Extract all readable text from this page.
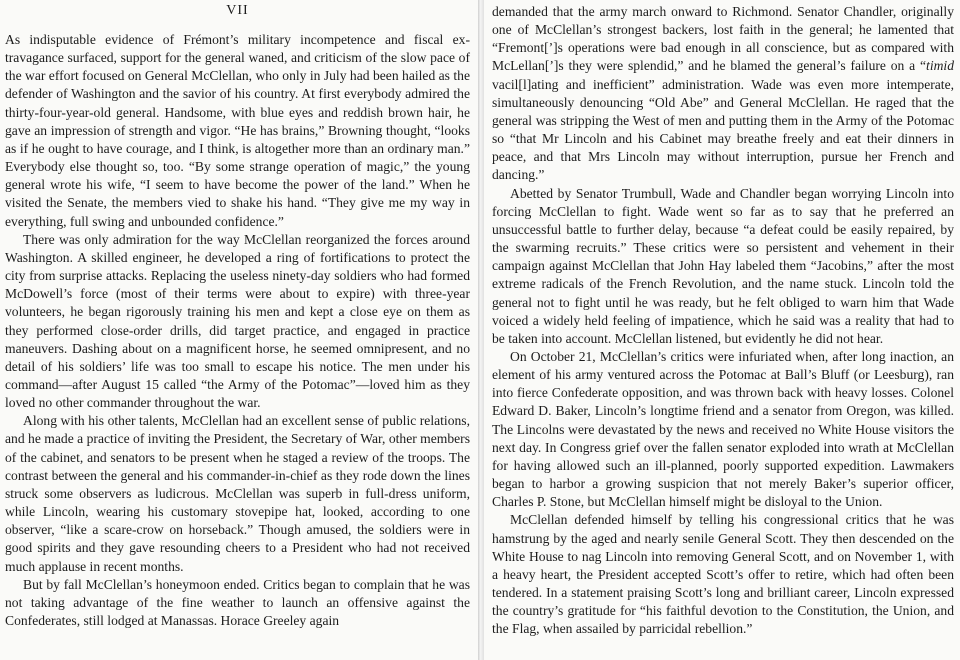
VII

As indisputable evidence of Frémont’s military incompetence and fiscal extravagance surfaced, support for the general waned, and criticism of the slow pace of the war effort focused on General McClellan, who only in July had been hailed as the defender of Washington and the savior of his country. At first everybody admired the thirty-four-year-old general. Handsome, with blue eyes and reddish brown hair, he gave an impression of strength and vigor. “He has brains,” Browning thought, “looks as if he ought to have courage, and I think, is altogether more than an ordinary man.” Everybody else thought so, too. “By some strange operation of magic,” the young general wrote his wife, “I seem to have become the power of the land.” When he visited the Senate, the members vied to shake his hand. “They give me my way in everything, full swing and unbounded confidence.”

There was only admiration for the way McClellan reorganized the forces around Washington. A skilled engineer, he developed a ring of fortifications to protect the city from surprise attacks. Replacing the useless ninety-day soldiers who had formed McDowell’s force (most of their terms were about to expire) with three-year volunteers, he began rigorously training his men and kept a close eye on them as they performed close-order drills, did target practice, and engaged in practice maneuvers. Dashing about on a magnificent horse, he seemed omnipresent, and no detail of his soldiers’ life was too small to escape his notice. The men under his command—after August 15 called “the Army of the Potomac”—loved him as they loved no other commander throughout the war.

Along with his other talents, McClellan had an excellent sense of public relations, and he made a practice of inviting the President, the Secretary of War, other members of the cabinet, and senators to be present when he staged a review of the troops. The contrast between the general and his commander-in-chief as they rode down the lines struck some observers as ludicrous. McClellan was superb in full-dress uniform, while Lincoln, wearing his customary stovepipe hat, looked, according to one observer, “like a scare-crow on horseback.” Though amused, the soldiers were in good spirits and they gave resounding cheers to a President who had not received much applause in recent months.

But by fall McClellan’s honeymoon ended. Critics began to complain that he was not taking advantage of the fine weather to launch an offensive against the Confederates, still lodged at Manassas. Horace Greeley again

demanded that the army march onward to Richmond. Senator Chandler, originally one of McClellan’s strongest backers, lost faith in the general; he lamented that “Fremont[’]s operations were bad enough in all conscience, but as compared with McLellan[’]s they were splendid,” and he blamed the general’s failure on a “timid vacil[l]ating and inefficient” administration. Wade was even more intemperate, simultaneously denouncing “Old Abe” and General McClellan. He raged that the general was stripping the West of men and putting them in the Army of the Potomac so “that Mr Lincoln and his Cabinet may breathe freely and eat their dinners in peace, and that Mrs Lincoln may without interruption, pursue her French and dancing.”

Abetted by Senator Trumbull, Wade and Chandler began worrying Lincoln into forcing McClellan to fight. Wade went so far as to say that he preferred an unsuccessful battle to further delay, because “a defeat could be easily repaired, by the swarming recruits.” These critics were so persistent and vehement in their campaign against McClellan that John Hay labeled them “Jacobins,” after the most extreme radicals of the French Revolution, and the name stuck. Lincoln told the general not to fight until he was ready, but he felt obliged to warn him that Wade voiced a widely held feeling of impatience, which he said was a reality that had to be taken into account. McClellan listened, but evidently he did not hear.

On October 21, McClellan’s critics were infuriated when, after long inaction, an element of his army ventured across the Potomac at Ball’s Bluff (or Leesburg), ran into fierce Confederate opposition, and was thrown back with heavy losses. Colonel Edward D. Baker, Lincoln’s longtime friend and a senator from Oregon, was killed. The Lincolns were devastated by the news and received no White House visitors the next day. In Congress grief over the fallen senator exploded into wrath at McClellan for having allowed such an ill-planned, poorly supported expedition. Lawmakers began to harbor a growing suspicion that not merely Baker’s superior officer, Charles P. Stone, but McClellan himself might be disloyal to the Union.

McClellan defended himself by telling his congressional critics that he was hamstrung by the aged and nearly senile General Scott. They then descended on the White House to nag Lincoln into removing General Scott, and on November 1, with a heavy heart, the President accepted Scott’s offer to retire, which had often been tendered. In a statement praising Scott’s long and brilliant career, Lincoln expressed the country’s gratitude for “his faithful devotion to the Constitution, the Union, and the Flag, when assailed by parricidal rebellion.”
